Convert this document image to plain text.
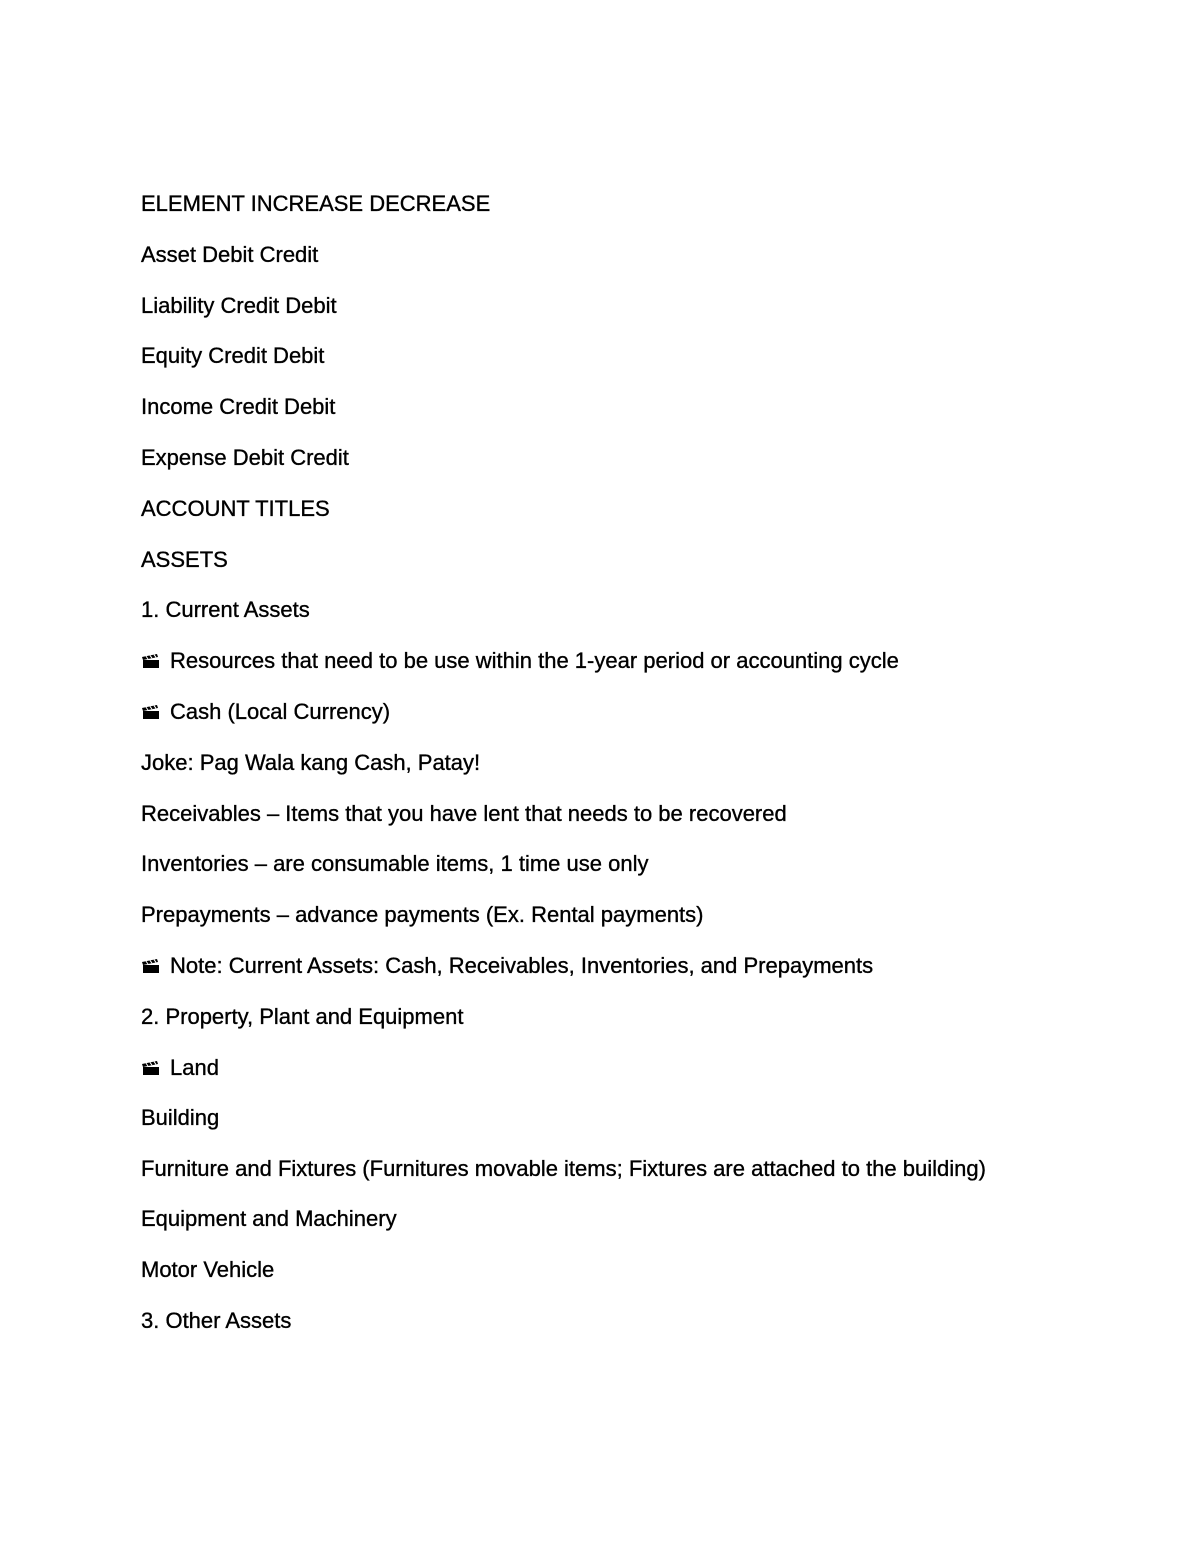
ELEMENT INCREASE DECREASE
Asset Debit Credit
Liability Credit Debit
Equity Credit Debit
Income Credit Debit
Expense Debit Credit
ACCOUNT TITLES
ASSETS
1. Current Assets
Resources that need to be use within the 1-year period or accounting cycle
Cash (Local Currency)
Joke: Pag Wala kang Cash, Patay!
Receivables – Items that you have lent that needs to be recovered
Inventories – are consumable items, 1 time use only
Prepayments – advance payments (Ex. Rental payments)
Note: Current Assets: Cash, Receivables, Inventories, and Prepayments
2. Property, Plant and Equipment
Land
Building
Furniture and Fixtures (Furnitures movable items; Fixtures are attached to the building)
Equipment and Machinery
Motor Vehicle
3. Other Assets
